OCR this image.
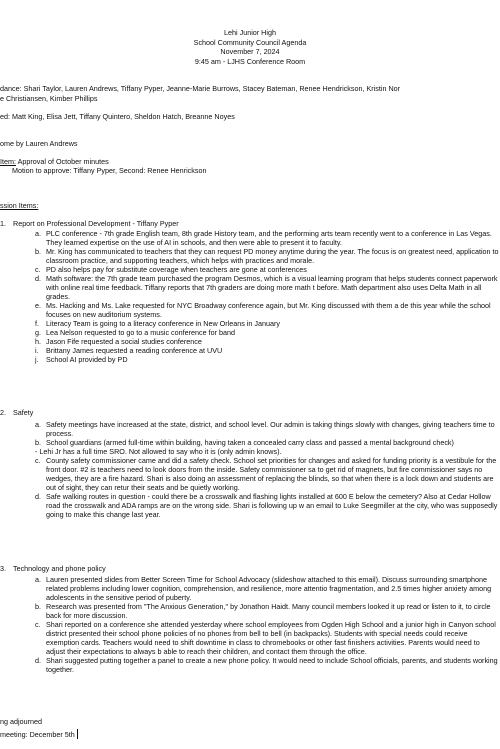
Lehi Junior High
School Community Council Agenda
November 7, 2024
9:45 am - LJHS Conference Room
dance: Shari Taylor, Lauren Andrews, Tiffany Pyper, Jeanne-Marie Burrows, Stacey Bateman, Renee Hendrickson, Kristin Nor
e Christiansen, Kimber Phillips
ed: Matt King, Elisa Jett, Tiffany Quintero, Sheldon Hatch, Breanne Noyes
ome by Lauren Andrews
Item: Approval of October minutes
Motion to approve: Tiffany Pyper, Second: Renee Henrickson
ssion Items:
1. Report on Professional Development - Tiffany Pyper
a. PLC conference - 7th grade English team, 8th grade History team, and the performing arts team recently went to a conference in Las Vegas. They learned expertise on the use of AI in schools, and then were able to present it to faculty.
b. Mr. King has communicated to teachers that they can request PD money anytime during the year. The focus is on greatest need, application to classroom practice, and supporting teachers, which helps with practices and morale.
c. PD also helps pay for substitute coverage when teachers are gone at conferences
d. Math software: the 7th grade team purchased the program Desmos, which is a visual learning program that helps students connect paperwork with online real time feedback. Tiffany reports that 7th graders are doing more math t before. Math department also uses Delta Math in all grades.
e. Ms. Hacking and Ms. Lake requested for NYC Broadway conference again, but Mr. King discussed with them a de this year while the school focuses on new auditorium systems.
f. Literacy Team is going to a literacy conference in New Orleans in January
g. Lea Nelson requested to go to a music conference for band
h. Jason Fife requested a social studies conference
i. Brittany James requested a reading conference at UVU
j. School AI provided by PD
2. Safety
a. Safety meetings have increased at the state, district, and school level. Our admin is taking things slowly with changes, giving teachers time to process.
b. School guardians (armed full-time within building, having taken a concealed carry class and passed a mental background check)
- Lehi Jr has a full time SRO. Not allowed to say who it is (only admin knows).
c. County safety commissioner came and did a safety check. School set priorities for changes and asked for funding priority is a vestibule for the front door. #2 is teachers need to look doors from the inside. Safety commissioner sa to get rid of magnets, but fire commissioner says no wedges, they are a fire hazard. Shari is also doing an assessment of replacing the blinds, so that when there is a lock down and students are out of sight, they can retur their seats and be quietly working.
d. Safe walking routes in question - could there be a crosswalk and flashing lights installed at 600 E below the cemetery? Also at Cedar Hollow road the crosswalk and ADA ramps are on the wrong side. Shari is following up w an email to Luke Seegmiller at the city, who was supposedly going to make this change last year.
3. Technology and phone policy
a. Lauren presented slides from Better Screen Time for School Advocacy (slideshow attached to this email). Discuss surrounding smartphone related problems including lower cognition, comprehension, and resilience, more attentio fragmentation, and 2.5 times higher anxiety among adolescents in the sensitive period of puberty.
b. Research was presented from "The Anxious Generation," by Jonathon Haidt. Many council members looked it up read or listen to it, to circle back for more discussion.
c. Shari reported on a conference she attended yesterday where school employees from Ogden High School and a junior high in Canyon school district presented their school phone policies of no phones from bell to bell (in backpacks). Students with special needs could receive exemption cards. Teachers would need to shift downtime in class to chromebooks or other fast finishers activities. Parents would need to adjust their expectations to always b able to reach their children, and contact them through the office.
d. Shari suggested putting together a panel to create a new phone policy. It would need to include School officials, parents, and students working together.
ng adjourned
meeting: December 5th
